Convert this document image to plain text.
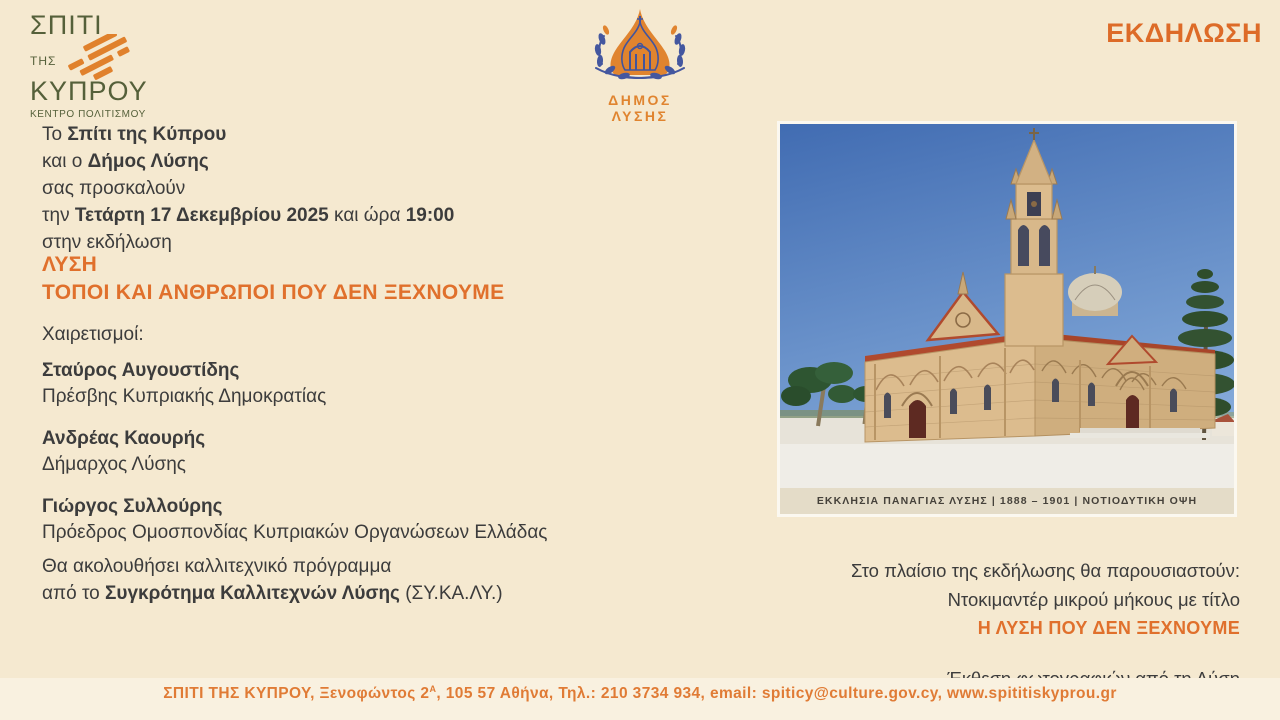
ΣΠΙΤΙ
ΤΗΣ
ΚΥΠΡΟΥ
ΚΕΝΤΡΟ ΠΟΛΙΤΙΣΜΟΥ
ΔΗΜΟΣ ΛΥΣΗΣ
ΕΚΔΗΛΩΣΗ
Το Σπίτι της Κύπρου
και ο Δήμος Λύσης
σας προσκαλούν
την Τετάρτη 17 Δεκεμβρίου 2025 και ώρα 19:00
στην εκδήλωση
ΛΥΣΗ
ΤΟΠΟΙ ΚΑΙ ΑΝΘΡΩΠΟΙ ΠΟΥ ΔΕΝ ΞΕΧΝΟΥΜΕ
Χαιρετισμοί:
Σταύρος Αυγουστίδης
Πρέσβης Κυπριακής Δημοκρατίας
Ανδρέας Καουρής
Δήμαρχος Λύσης
Γιώργος Συλλούρης
Πρόεδρος Ομοσπονδίας Κυπριακών Οργανώσεων Ελλάδας
Θα ακολουθήσει καλλιτεχνικό πρόγραμμα
από το Συγκρότημα Καλλιτεχνών Λύσης (ΣΥ.ΚΑ.ΛΥ.)
ΕΚΚΛΗΣΙΑ ΠΑΝΑΓΙΑΣ ΛΥΣΗΣ | 1888 – 1901 | ΝΟΤΙΟΔΥΤΙΚΗ ΟΨΗ
Στο πλαίσιο της εκδήλωσης θα παρουσιαστούν:
Ντοκιμαντέρ μικρού μήκους με τίτλο
Η ΛΥΣΗ ΠΟΥ ΔΕΝ ΞΕΧΝΟΥΜΕ
ΣΠΙΤΙ ΤΗΣ ΚΥΠΡΟΥ, Ξενοφώντος $2^A$, 105 57 Αθήνα, Τηλ.: 210 3734 934, email: spiticy@culture.gov.cy, www.spititiskyprou.gr
